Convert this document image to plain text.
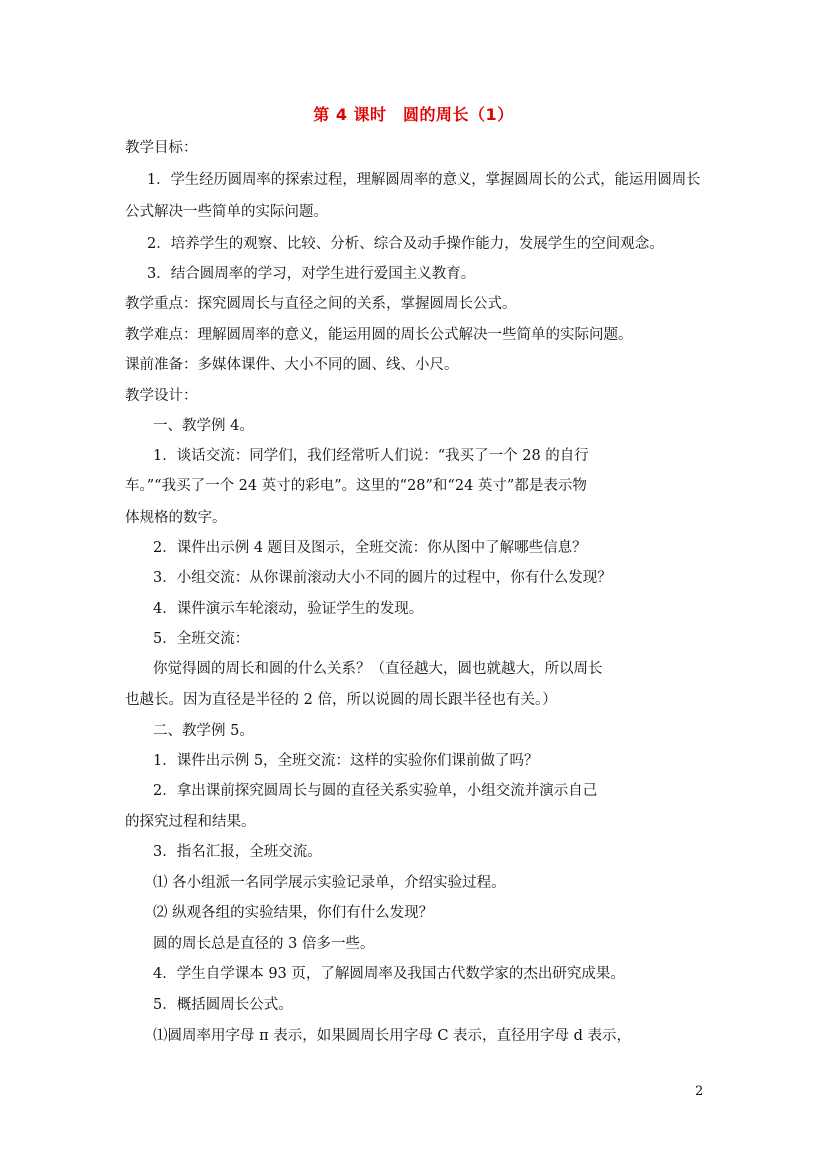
第 4 课时　圆的周长（1）
教学目标：
1．学生经历圆周率的探索过程，理解圆周率的意义，掌握圆周长的公式，能运用圆周长
公式解决一些简单的实际问题。
2．培养学生的观察、比较、分析、综合及动手操作能力，发展学生的空间观念。
3．结合圆周率的学习，对学生进行爱国主义教育。
教学重点：探究圆周长与直径之间的关系，掌握圆周长公式。
教学难点：理解圆周率的意义，能运用圆的周长公式解决一些简单的实际问题。
课前准备：多媒体课件、大小不同的圆、线、小尺。
教学设计：
一、教学例 4。
1．谈话交流：同学们，我们经常听人们说：“我买了一个 28 的自行
车。”“我买了一个 24 英寸的彩电”。这里的“28”和“24 英寸”都是表示物
体规格的数字。
2．课件出示例 4 题目及图示，全班交流：你从图中了解哪些信息？
3．小组交流：从你课前滚动大小不同的圆片的过程中，你有什么发现？
4．课件演示车轮滚动，验证学生的发现。
5．全班交流：
你觉得圆的周长和圆的什么关系？（直径越大，圆也就越大，所以周长
也越长。因为直径是半径的 2 倍，所以说圆的周长跟半径也有关。）
二、教学例 5。
1．课件出示例 5，全班交流：这样的实验你们课前做了吗？
2．拿出课前探究圆周长与圆的直径关系实验单，小组交流并演示自己
的探究过程和结果。
3．指名汇报，全班交流。
⑴ 各小组派一名同学展示实验记录单，介绍实验过程。
⑵ 纵观各组的实验结果，你们有什么发现？
圆的周长总是直径的 3 倍多一些。
4．学生自学课本 93 页，了解圆周率及我国古代数学家的杰出研究成果。
5．概括圆周长公式。
⑴圆周率用字母 π 表示，如果圆周长用字母 C 表示，直径用字母 d 表示，
2
